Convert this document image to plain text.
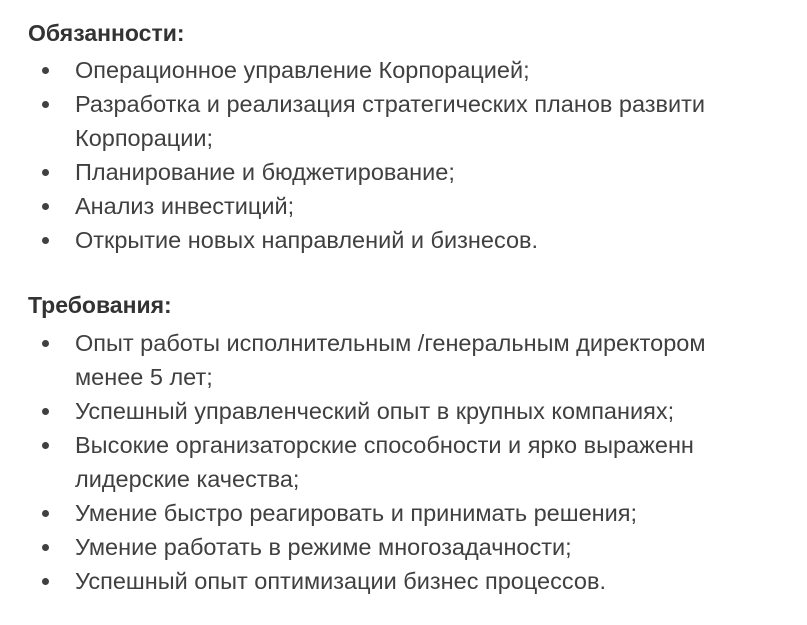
Обязанности:
Операционное управление Корпорацией;
Разработка и реализация стратегических планов развити
Корпорации;
Планирование и бюджетирование;
Анализ инвестиций;
Открытие новых направлений и бизнесов.
Требования:
Опыт работы исполнительным /генеральным директором
менее 5 лет;
Успешный управленческий опыт в крупных компаниях;
Высокие организаторские способности и ярко выраженн
лидерские качества;
Умение быстро реагировать и принимать решения;
Умение работать в режиме многозадачности;
Успешный опыт оптимизации бизнес процессов.
